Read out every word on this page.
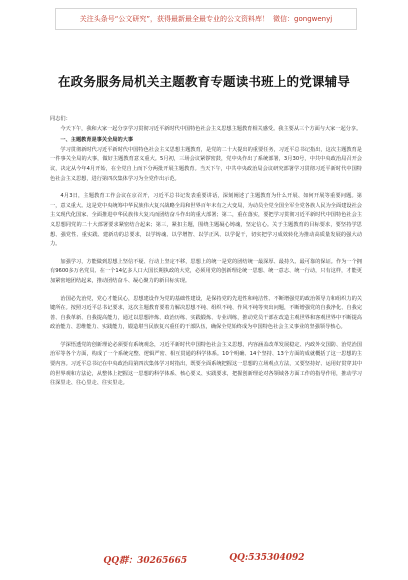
关注头条号“公文研究”，获得最新最全最专业的公文资料库！ 微信：gongwenyj
在政务服务局机关主题教育专题读书班上的党课辅导

同志们：

今天下午，我和大家一起分享学习贯彻习近平新时代中国特色社会主义思想主题教育相关感受。我主要从三个方面与大家一起分享。

一、主题教育是事关全局的大事

学习贯彻新时代习近平新时代中国特色社会主义思想主题教育，是党的二十大提出的重要任务，习近平总书记指出，这次主题教育是一件事关全局的大事，做好主题教育意义重大。5月初，三场会议紧锣密鼓，党中央作出了系统部署，3月30号，中共中央政治局召开会议，决定从今年4月开始，在全党自上而下分两批开展主题教育。当天下午，中共中央政治局会议研究部署学习贯彻习近平新时代中国特色社会主义思想，进行第四次集体学习为全党作出示范。

4月3日，主题教育工作会议在京召开，习近平总书记发表重要讲话，深刻阐述了主题教育为什么开展、如何开展等重要问题。第一，意义重大。这是党中央统筹中华民族伟大复兴战略全局和世界百年未有之大变局，为动员全党全国全军全党各族人民为全面建设社会主义现代化国家、全面推进中华民族伟大复兴而团结奋斗作出的重大部署；第二，重在落实，要把学习贯彻习近平新时代中国特色社会主义思想同党的二十大部署要求紧密结合起来；第三，紧扣主题，围绕主题凝心铸魂，坚定信心。关于主题教育的目标要求，要坚持学思想、强党性、重实践、建新功的总要求，以学铸魂、以学增智、以学正风、以学促干，切实把学习成效转化为推动高质量发展的强大动力。

加强学习，方能做到思想上坚信不疑、行动上坚定不移，思想上的统一是党的团结统一最深厚、最持久、最可靠的保证。作为一个拥有9600多万名党员、在一个14亿多人口大国长期执政的大党，必须用党的创新理论统一思想、统一意志、统一行动，只有这样，才能更加紧密地团结起来，推动团结奋斗、凝心聚力的新目标实现。

治国必先治党，党心才能民心，思想建设作为党的基础性建设，是保持党的先进性和纯洁性、不断增强党的政治领导力和组织力的关键所在。按照习近平总书记要求，这次主题教育要着力解决思想不纯、组织不纯、作风不纯等突出问题，不断增强党的自我净化、自我完善、自我革新、自我提高能力，通过以思想淬炼、政治历练、实践锻炼、专业训练，推动党员干部在改造主观世界和客观世界中不断提高政治能力、思维能力、实践能力，锻造堪当民族复兴重任的干部队伍，确保全党始终成为中国特色社会主义事业的坚强领导核心。

学深悟透党的创新理论必须要有系统观念，习近平新时代中国特色社会主义思想，内容涵盖改革发展稳定、内政外交国防、治党治国治军等各个方面，构成了一个系统完整、逻辑严密、相互贯通的科学体系。10个明确、14个坚持、13个方面的成就概括了这一思想的主要内容。习近平总书记在中央政治局第四次集体学习时指出，既要全面系统把握这一思想的立场观点方法，又要坚持好、运用好贯穿其中的世界观和方法论，从整体上把握这一思想的科学体系、核心要义、实践要求，把握创新理论对各领域各方面工作的指导作用，推动学习往深里走、往心里走、往实里走。

QQ群：30265665	QQ:535304092
